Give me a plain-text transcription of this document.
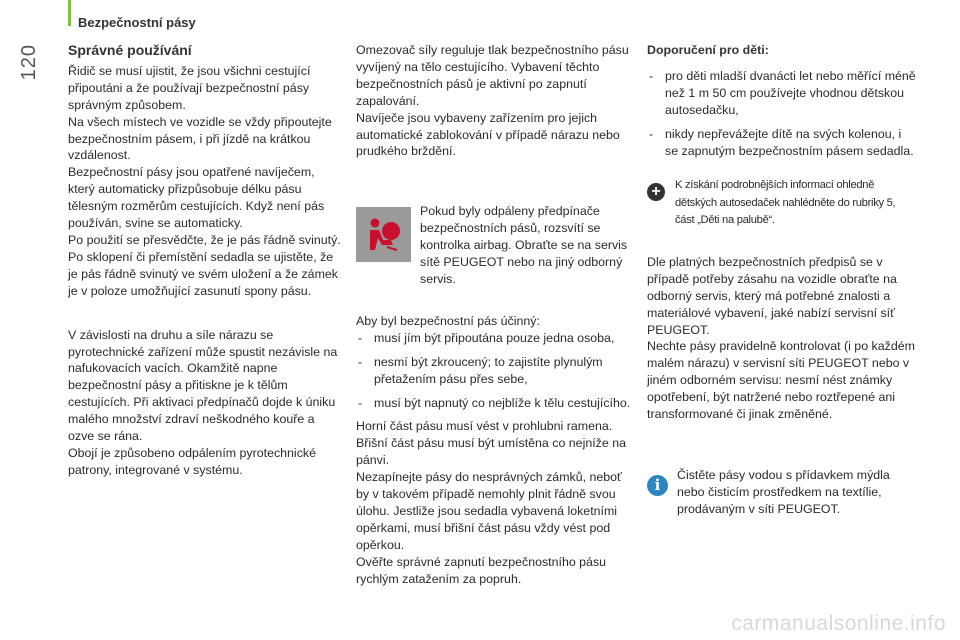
Bezpečnostní pásy
120 Správné používání

Řidič se musí ujistit, že jsou všichni cestující připoutáni a že používají bezpečnostní pásy správným způsobem.

Na všech místech ve vozidle se vždy připoutejte bezpečnostním pásem, i při jízdě na krátkou vzdálenost.

Bezpečnostní pásy jsou opatřené navíječem, který automaticky přizpůsobuje délku pásu tělesným rozměrům cestujících. Když není pás používán, svine se automaticky.

Po použití se přesvědčte, že je pás řádně svinutý.

Po sklopení či přemístění sedadla se ujistěte, že je pás řádně svinutý ve svém uložení a že zámek je v poloze umožňující zasunutí spony pásu.

V závislosti na druhu a síle nárazu se pyrotechnické zařízení může spustit nezávisle na nafukovacích vacích. Okamžitě napne bezpečnostní pásy a přitiskne je k tělům cestujících. Při aktivaci předpínačů dojde k úniku malého množství zdraví neškodného kouře a ozve se rána.

Obojí je způsobeno odpálením pyrotechnické patrony, integrované v systému.

Omezovač síly reguluje tlak bezpečnostního pásu vyvíjený na tělo cestujícího. Vybavení těchto bezpečnostních pásů je aktivní po zapnutí zapalování.

Navíječe jsou vybaveny zařízením pro jejich automatické zablokování v případě nárazu nebo prudkého brždění.

Pokud byly odpáleny předpínače bezpečnostních pásů, rozsvítí se kontrolka airbag. Obraťte se na servis sítě PEUGEOT nebo na jiný odborný servis.

Aby byl bezpečnostní pás účinný:

- musí jím být připoutána pouze jedna osoba,
- nesmí být zkroucený; to zajistíte plynulým přetažením pásu přes sebe,
- musí být napnutý co nejblíže k tělu cestujícího.

Horní část pásu musí vést v prohlubni ramena.

Břišní část pásu musí být umístěna co nejníže na pánvi.

Nezapínejte pásy do nesprávných zámků, neboť by v takovém případě nemohly plnit řádně svou úlohu. Jestliže jsou sedadla vybavená loketními opěrkami, musí břišní část pásu vždy vést pod opěrkou.

Ověřte správné zapnutí bezpečnostního pásu rychlým zatažením za popruh.

Doporučení pro děti:
- pro děti mladší dvanácti let nebo měřící méně než 1 m 50 cm používejte vhodnou dětskou autosedačku,
- nikdy nepřevážejte dítě na svých kolenou, i se zapnutým bezpečnostním pásem sedadla.
+	K získání podrobnějších informací ohledně dětských autosedaček nahlédněte do rubriky 5, část „Děti na palubě“.

Dle platných bezpečnostních předpisů se v případě potřeby zásahu na vozidle obraťte na odborný servis, který má potřebné znalosti a materiálové vybavení, jaké nabízí servisní síť PEUGEOT.

Nechte pásy pravidelně kontrolovat (i po každém malém nárazu) v servisní síti PEUGEOT nebo v jiném odborném servisu: nesmí nést známky opotřebení, být natržené nebo roztřepené ani transformované či jinak změněné.

i

Čistěte pásy vodou s přídavkem mýdla nebo čisticím prostředkem na textílie, prodávaným v síti PEUGEOT.

carmanualsonline.info
